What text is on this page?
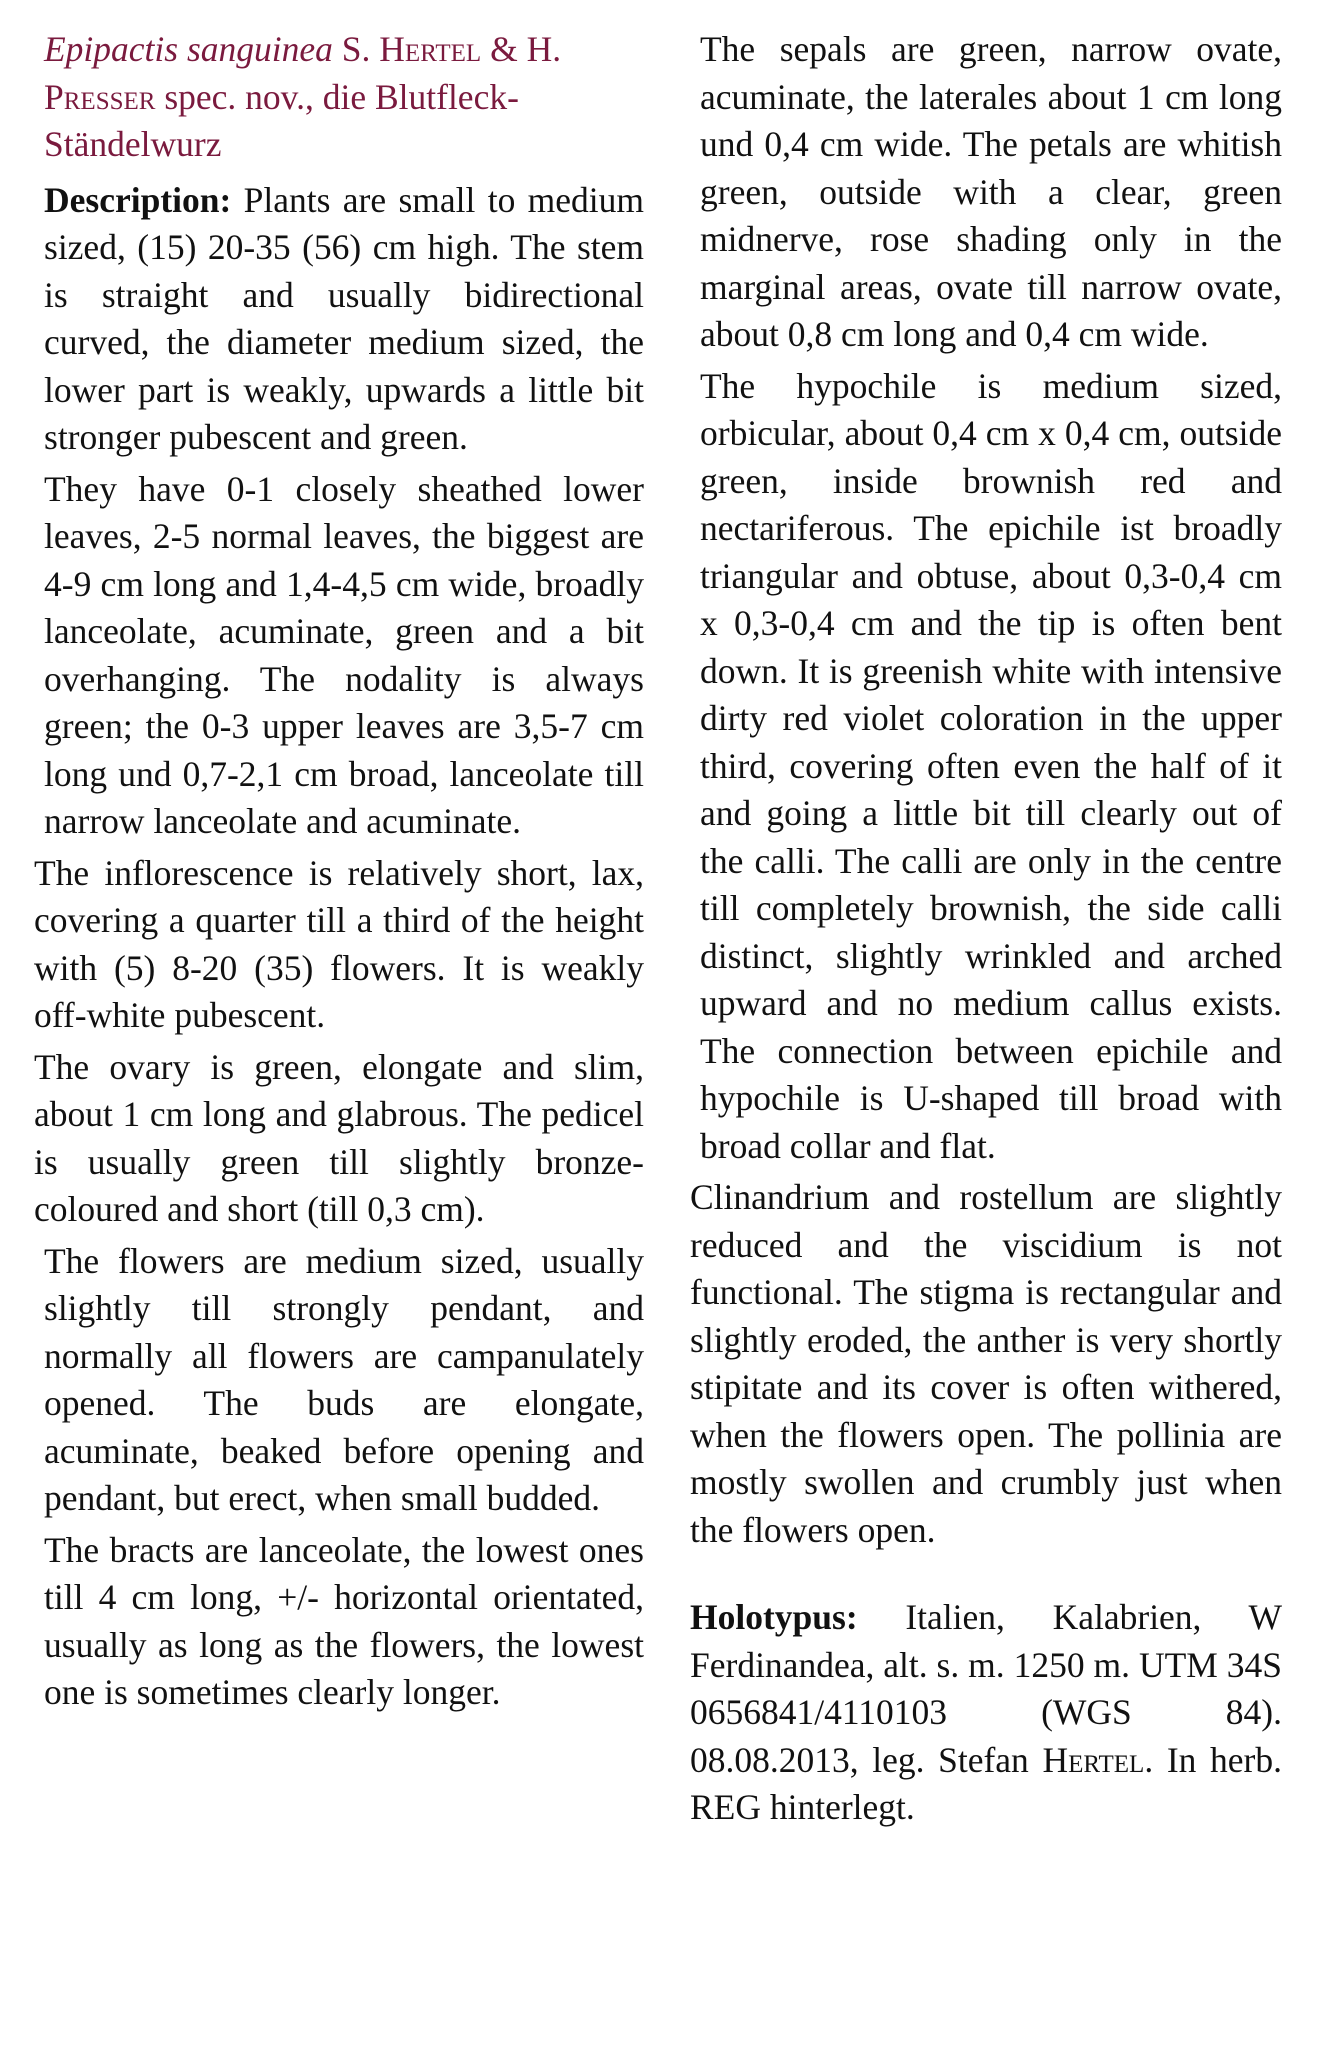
Epipactis sanguinea S. Hertel & H. Presser spec. nov., die Blutfleck-Ständelwurz

Description: Plants are small to medium sized, (15) 20-35 (56) cm high. The stem is straight and usually bidirectional curved, the diameter medium sized, the lower part is weakly, upwards a little bit stronger pubescent and green.

They have 0-1 closely sheathed lower leaves, 2-5 normal leaves, the biggest are 4-9 cm long and 1,4-4,5 cm wide, broadly lanceolate, acuminate, green and a bit overhanging. The nodality is always green; the 0-3 upper leaves are 3,5-7 cm long und 0,7-2,1 cm broad, lanceolate till narrow lanceolate and acuminate.

The inflorescence is relatively short, lax, covering a quarter till a third of the height with (5) 8-20 (35) flowers. It is weakly off-white pubescent.

The ovary is green, elongate and slim, about 1 cm long and glabrous. The pedicel is usually green till slightly bronze-coloured and short (till 0,3 cm).

The flowers are medium sized, usually slightly till strongly pendant, and normally all flowers are campanulately opened. The buds are elongate, acuminate, beaked before opening and pendant, but erect, when small budded.

The bracts are lanceolate, the lowest ones till 4 cm long, +/- horizontal orientated, usually as long as the flowers, the lowest one is sometimes clearly longer.

The sepals are green, narrow ovate, acuminate, the laterales about 1 cm long und 0,4 cm wide. The petals are whitish green, outside with a clear, green midnerve, rose shading only in the marginal areas, ovate till narrow ovate, about 0,8 cm long and 0,4 cm wide.

The hypochile is medium sized, orbicular, about 0,4 cm x 0,4 cm, outside green, inside brownish red and nectariferous. The epichile ist broadly triangular and obtuse, about 0,3-0,4 cm x 0,3-0,4 cm and the tip is often bent down. It is greenish white with intensive dirty red violet coloration in the upper third, covering often even the half of it and going a little bit till clearly out of the calli. The calli are only in the centre till completely brownish, the side calli distinct, slightly wrinkled and arched upward and no medium callus exists. The connection between epichile and hypochile is U-shaped till broad with broad collar and flat.

Clinandrium and rostellum are slightly reduced and the viscidium is not functional. The stigma is rectangular and slightly eroded, the anther is very shortly stipitate and its cover is often withered, when the flowers open. The pollinia are mostly swollen and crumbly just when the flowers open.

Holotypus: Italien, Kalabrien, W Ferdinandea, alt. s. m. 1250 m. UTM 34S 0656841/4110103 (WGS 84). 08.08.2013, leg. Stefan Hertel. In herb. REG hinterlegt.
